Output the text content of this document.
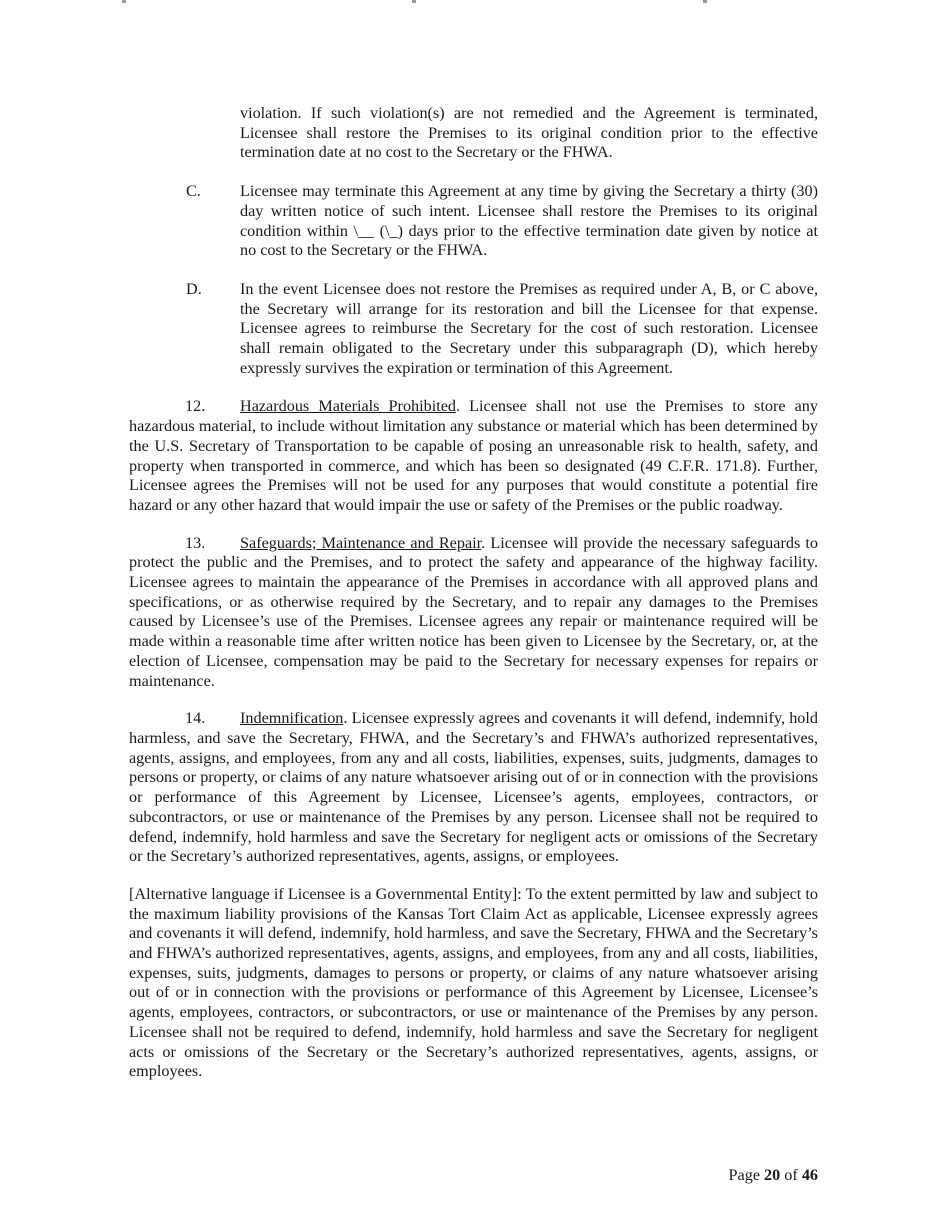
violation. If such violation(s) are not remedied and the Agreement is terminated, Licensee shall restore the Premises to its original condition prior to the effective termination date at no cost to the Secretary or the FHWA.

C. Licensee may terminate this Agreement at any time by giving the Secretary a thirty (30) day written notice of such intent. Licensee shall restore the Premises to its original condition within \__ (\_) days prior to the effective termination date given by notice at no cost to the Secretary or the FHWA.

D. In the event Licensee does not restore the Premises as required under A, B, or C above, the Secretary will arrange for its restoration and bill the Licensee for that expense. Licensee agrees to reimburse the Secretary for the cost of such restoration. Licensee shall remain obligated to the Secretary under this subparagraph (D), which hereby expressly survives the expiration or termination of this Agreement.

12. Hazardous Materials Prohibited. Licensee shall not use the Premises to store any hazardous material, to include without limitation any substance or material which has been determined by the U.S. Secretary of Transportation to be capable of posing an unreasonable risk to health, safety, and property when transported in commerce, and which has been so designated (49 C.F.R. 171.8). Further, Licensee agrees the Premises will not be used for any purposes that would constitute a potential fire hazard or any other hazard that would impair the use or safety of the Premises or the public roadway.

13. Safeguards; Maintenance and Repair. Licensee will provide the necessary safeguards to protect the public and the Premises, and to protect the safety and appearance of the highway facility. Licensee agrees to maintain the appearance of the Premises in accordance with all approved plans and specifications, or as otherwise required by the Secretary, and to repair any damages to the Premises caused by Licensee’s use of the Premises. Licensee agrees any repair or maintenance required will be made within a reasonable time after written notice has been given to Licensee by the Secretary, or, at the election of Licensee, compensation may be paid to the Secretary for necessary expenses for repairs or maintenance.

14. Indemnification. Licensee expressly agrees and covenants it will defend, indemnify, hold harmless, and save the Secretary, FHWA, and the Secretary’s and FHWA’s authorized representatives, agents, assigns, and employees, from any and all costs, liabilities, expenses, suits, judgments, damages to persons or property, or claims of any nature whatsoever arising out of or in connection with the provisions or performance of this Agreement by Licensee, Licensee’s agents, employees, contractors, or subcontractors, or use or maintenance of the Premises by any person. Licensee shall not be required to defend, indemnify, hold harmless and save the Secretary for negligent acts or omissions of the Secretary or the Secretary’s authorized representatives, agents, assigns, or employees.

[Alternative language if Licensee is a Governmental Entity]: To the extent permitted by law and subject to the maximum liability provisions of the Kansas Tort Claim Act as applicable, Licensee expressly agrees and covenants it will defend, indemnify, hold harmless, and save the Secretary, FHWA and the Secretary’s and FHWA’s authorized representatives, agents, assigns, and employees, from any and all costs, liabilities, expenses, suits, judgments, damages to persons or property, or claims of any nature whatsoever arising out of or in connection with the provisions or performance of this Agreement by Licensee, Licensee’s agents, employees, contractors, or subcontractors, or use or maintenance of the Premises by any person. Licensee shall not be required to defend, indemnify, hold harmless and save the Secretary for negligent acts or omissions of the Secretary or the Secretary’s authorized representatives, agents, assigns, or employees.

Page 20 of 46
